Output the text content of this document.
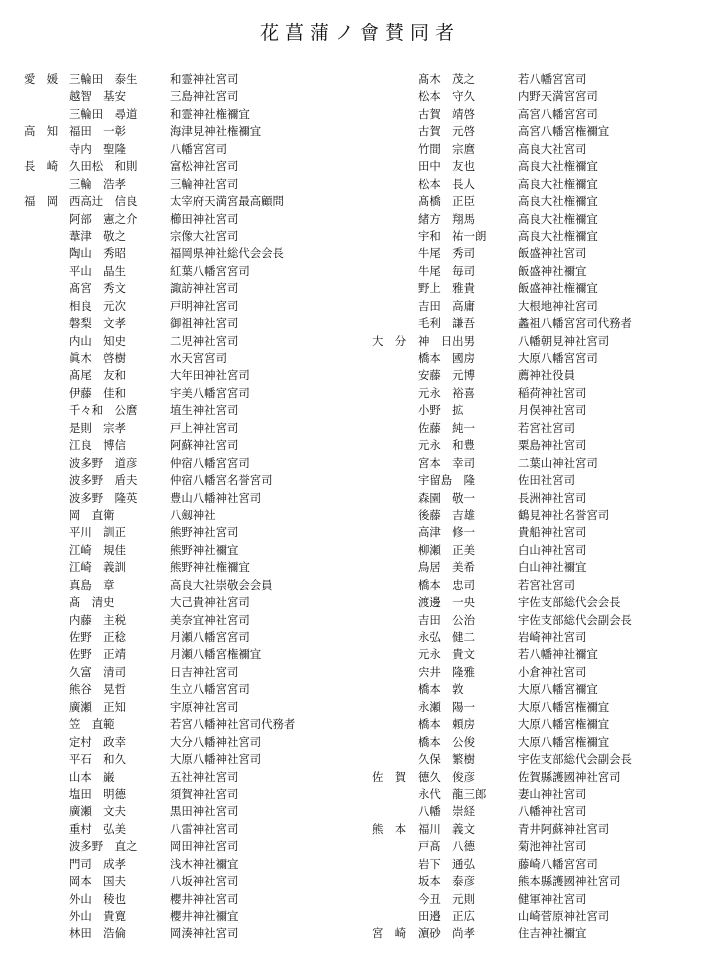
花菖蒲ノ會賛同者
愛　媛 三輪田　泰生	和霊神社宮司
越智　基安	三島神社宮司
三輪田　尋道	和霊神社権禰宜
高　知 福田　一彰	海津見神社権禰宜
寺内　聖隆	八幡宮宮司
長　崎 久田松　和則	富松神社宮司
三輪　浩孝	三輪神社宮司
福　岡 西高辻　信良	太宰府天満宮最高顧問
阿部　憲之介	櫛田神社宮司
葦津　敬之	宗像大社宮司
陶山　秀昭	福岡県神社総代会会長
平山　晶生	紅葉八幡宮宮司
髙宮　秀文	諏訪神社宮司
相良　元次	戸明神社宮司
磐梨　文孝	御祖神社宮司
内山　知史	二児神社宮司
眞木　啓樹	水天宮宮司
髙尾　友和	大年田神社宮司
伊藤　佳和	宇美八幡宮宮司
千々和　公麿	埴生神社宮司
是則　宗孝	戸上神社宮司
江良　博信	阿蘇神社宮司
波多野　道彦	仲宿八幡宮宮司
波多野　盾夫	仲宿八幡宮名誉宮司
波多野　隆英	豊山八幡神社宮司
岡　直衛	八劔神社
平川　訓正	熊野神社宮司
江崎　規佳	熊野神社禰宜
江崎　義訓	熊野神社権禰宜
真島　章	高良大社崇敬会会員
髙　清史	大己貴神社宮司
内藤　主税	美奈宜神社宮司
佐野　正稔	月瀬八幡宮宮司
佐野　正靖	月瀬八幡宮権禰宜
久富　清司	日吉神社宮司
熊谷　晃哲	生立八幡宮宮司
廣瀬　正知	宇原神社宮司
笠　直範	若宮八幡神社宮司代務者
定村　政幸	大分八幡神社宮司
平石　和久	大原八幡神社宮司
山本　巌	五社神社宮司
塩田　明德	須賀神社宮司
廣瀬　文夫	黒田神社宮司
重村　弘美	八雷神社宮司
波多野　直之	岡田神社宮司
門司　成孝	浅木神社禰宜
岡本　国夫	八坂神社宮司
外山　稜也	櫻井神社宮司
外山　貴寛	櫻井神社禰宜
林田　浩倫	岡湊神社宮司
髙木　茂之	若八幡宮宮司
松本　守久	内野天満宮宮司
古賀　靖啓	高宮八幡宮宮司
古賀　元啓	高宮八幡宮権禰宜
竹間　宗麿	高良大社宮司
田中　友也	高良大社権禰宜
松本　長人	高良大社権禰宜
髙橋　正臣	高良大社権禰宜
緒方　翔馬	高良大社権禰宜
宇和　祐一朗	高良大社権禰宜
牛尾　秀司	飯盛神社宮司
牛尾　毎司	飯盛神社禰宜
野上　雅貴	飯盛神社権禰宜
吉田　高庸	大根地神社宮司
毛利　謙吾	蠡祖八幡宮宮司代務者
大　分	神　日出男	八幡朝見神社宮司
橋本　國房	大原八幡宮宮司
安藤　元博	薦神社役員
元永　裕喜	稲荷神社宮司
小野　拡	月俣神社宮司
佐藤　純一	若宮社宮司
元永　和豊	粟島神社宮司
宮本　幸司	二葉山神社宮司
宇留島　隆	佐田社宮司
森園　敬一	長洲神社宮司
後藤　吉雄	鶴見神社名誉宮司
高津　修一	貴船神社宮司
柳瀬　正美	白山神社宮司
鳥居　美希	白山神社禰宜
橋本　忠司	若宮社宮司
渡邊　一央	宇佐支部総代会会長
吉田　公治	宇佐支部総代会副会長
永弘　健二	岩崎神社宮司
元永　貴文	若八幡神社禰宜
宍井　隆雅	小倉神社宮司
橋本　敦	大原八幡宮禰宜
永瀬　陽一	大原八幡宮権禰宜
橋本　頼房	大原八幡宮権禰宜
橋本　公俊	大原八幡宮権禰宜
久保　繁樹	宇佐支部総代会副会長
佐　賀	德久　俊彦	佐賀縣護國神社宮司
永代　龍三郎	妻山神社宮司
八幡　崇経	八幡神社宮司
熊　本	福川　義文	青井阿蘇神社宮司
戸髙　八德	菊池神社宮司
岩下　通弘	藤崎八幡宮宮司
坂本　泰彦	熊本縣護國神社宮司
今丑　元則	健軍神社宮司
田邉　正広	山崎菅原神社宮司
宮　崎	濵砂　尚孝	住吉神社禰宜
